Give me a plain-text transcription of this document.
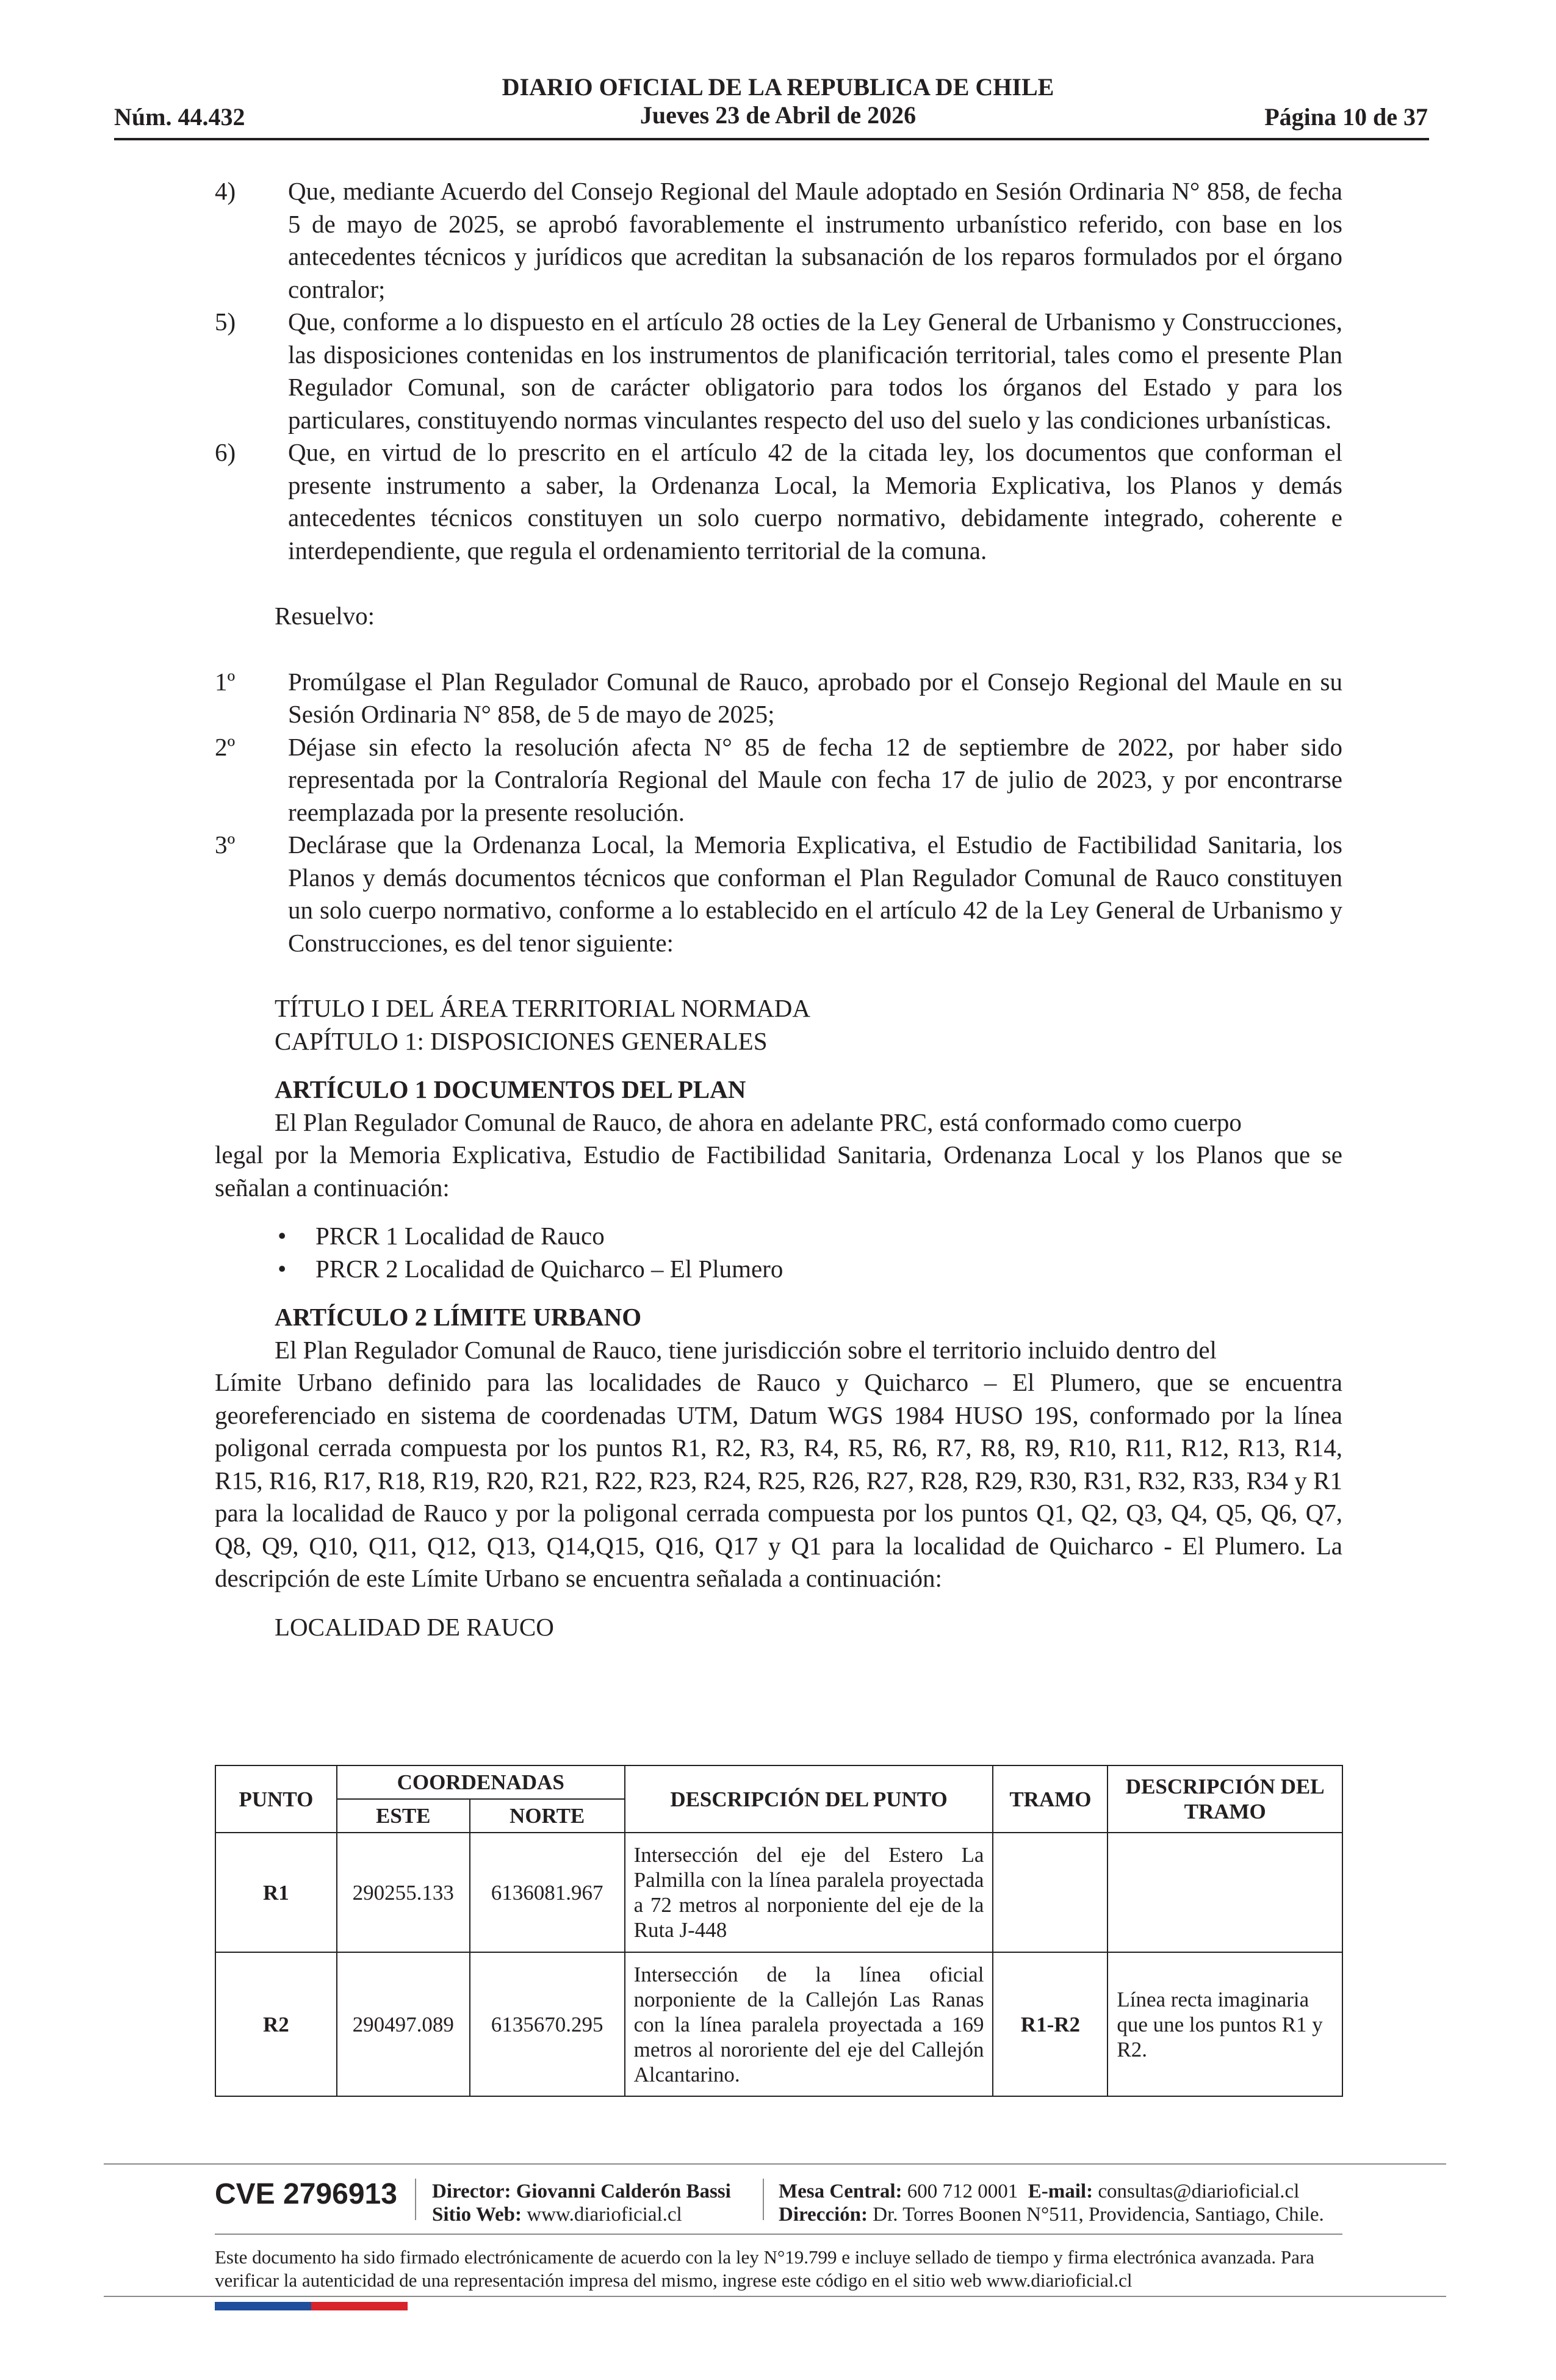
DIARIO OFICIAL DE LA REPUBLICA DE CHILE
Jueves 23 de Abril de 2026
Núm. 44.432	Página 10 de 37
4)	Que, mediante Acuerdo del Consejo Regional del Maule adoptado en Sesión Ordinaria N° 858, de fecha 5 de mayo de 2025, se aprobó favorablemente el instrumento urbanístico referido, con base en los antecedentes técnicos y jurídicos que acreditan la subsanación de los reparos formulados por el órgano contralor;
5)	Que, conforme a lo dispuesto en el artículo 28 octies de la Ley General de Urbanismo y Construcciones, las disposiciones contenidas en los instrumentos de planificación territorial, tales como el presente Plan Regulador Comunal, son de carácter obligatorio para todos los órganos del Estado y para los particulares, constituyendo normas vinculantes respecto del uso del suelo y las condiciones urbanísticas.
6)	Que, en virtud de lo prescrito en el artículo 42 de la citada ley, los documentos que conforman el presente instrumento a saber, la Ordenanza Local, la Memoria Explicativa, los Planos y demás antecedentes técnicos constituyen un solo cuerpo normativo, debidamente integrado, coherente e interdependiente, que regula el ordenamiento territorial de la comuna.
Resuelvo:
1º	Promúlgase el Plan Regulador Comunal de Rauco, aprobado por el Consejo Regional del Maule en su Sesión Ordinaria N° 858, de 5 de mayo de 2025;
2º	Déjase sin efecto la resolución afecta N° 85 de fecha 12 de septiembre de 2022, por haber sido representada por la Contraloría Regional del Maule con fecha 17 de julio de 2023, y por encontrarse reemplazada por la presente resolución.
3º	Declárase que la Ordenanza Local, la Memoria Explicativa, el Estudio de Factibilidad Sanitaria, los Planos y demás documentos técnicos que conforman el Plan Regulador Comunal de Rauco constituyen un solo cuerpo normativo, conforme a lo establecido en el artículo 42 de la Ley General de Urbanismo y Construcciones, es del tenor siguiente:
TÍTULO I DEL ÁREA TERRITORIAL NORMADA
CAPÍTULO 1: DISPOSICIONES GENERALES
ARTÍCULO 1 DOCUMENTOS DEL PLAN
El Plan Regulador Comunal de Rauco, de ahora en adelante PRC, está conformado como cuerpo
legal por la Memoria Explicativa, Estudio de Factibilidad Sanitaria, Ordenanza Local y los Planos que se señalan a continuación:
• PRCR 1 Localidad de Rauco
• PRCR 2 Localidad de Quicharco – El Plumero
ARTÍCULO 2 LÍMITE URBANO
El Plan Regulador Comunal de Rauco, tiene jurisdicción sobre el territorio incluido dentro del
Límite Urbano definido para las localidades de Rauco y Quicharco – El Plumero, que se encuentra georeferenciado en sistema de coordenadas UTM, Datum WGS 1984 HUSO 19S, conformado por la línea poligonal cerrada compuesta por los puntos R1, R2, R3, R4, R5, R6, R7, R8, R9, R10, R11, R12, R13, R14, R15, R16, R17, R18, R19, R20, R21, R22, R23, R24, R25, R26, R27, R28, R29, R30, R31, R32, R33, R34 y R1 para la localidad de Rauco y por la poligonal cerrada compuesta por los puntos Q1, Q2, Q3, Q4, Q5, Q6, Q7, Q8, Q9, Q10, Q11, Q12, Q13, Q14,Q15, Q16, Q17 y Q1 para la localidad de Quicharco - El Plumero. La descripción de este Límite Urbano se encuentra señalada a continuación:
LOCALIDAD DE RAUCO
PUNTO	COORDENADAS		DESCRIPCIÓN DEL PUNTO	TRAMO	DESCRIPCIÓN DEL TRAMO
	ESTE	NORTE			
R1	290255.133	6136081.967	Intersección del eje del Estero La Palmilla con la línea paralela proyectada a 72 metros al norponiente del eje de la Ruta J-448		
R2	290497.089	6135670.295	Intersección de la línea oficial norponiente de la Callejón Las Ranas con la línea paralela proyectada a 169 metros al nororiente del eje del Callejón Alcantarino.	R1-R2	Línea recta imaginaria que une los puntos R1 y R2.
CVE 2796913 Director: Giovanni Calderón Bassi
Sitio Web: www.diarioficial.cl
Mesa Central: 600 712 0001 E-mail: consultas@diarioficial.cl
Dirección: Dr. Torres Boonen N°511, Providencia, Santiago, Chile.
Este documento ha sido firmado electrónicamente de acuerdo con la ley N°19.799 e incluye sellado de tiempo y firma electrónica avanzada. Para verificar la autenticidad de una representación impresa del mismo, ingrese este código en el sitio web www.diarioficial.cl
